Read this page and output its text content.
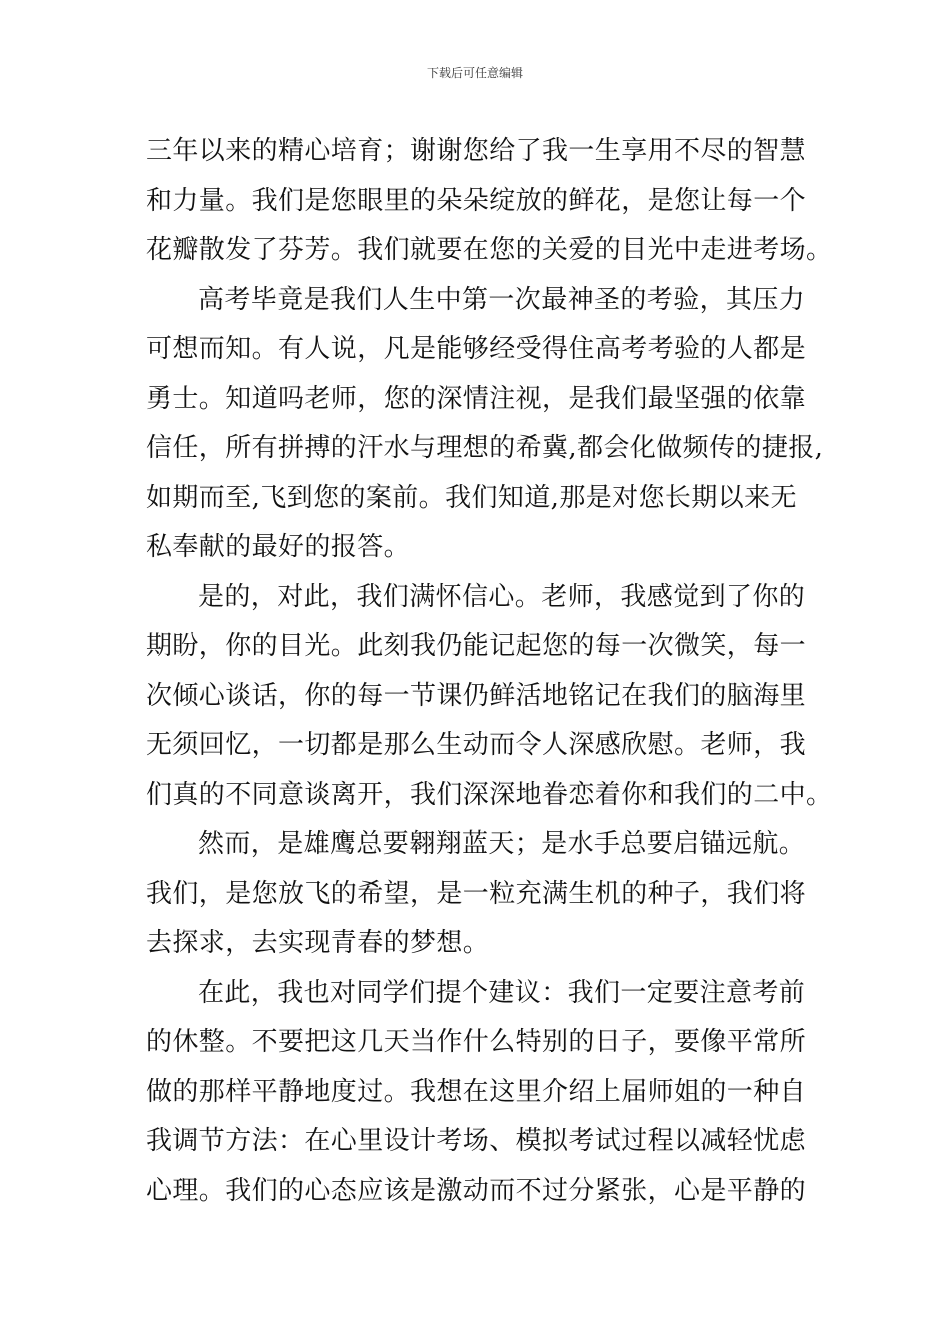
下载后可任意编辑
三年以来的精心培育；谢谢您给了我一生享用不尽的智慧
和力量。我们是您眼里的朵朵绽放的鲜花，是您让每一个
花瓣散发了芬芳。我们就要在您的关爱的目光中走进考场。
高考毕竟是我们人生中第一次最神圣的考验，其压力
可想而知。有人说，凡是能够经受得住高考考验的人都是
勇士。知道吗老师，您的深情注视，是我们最坚强的依靠
信任，所有拼搏的汗水与理想的希冀,都会化做频传的捷报,
如期而至,飞到您的案前。我们知道,那是对您长期以来无
私奉献的最好的报答。
是的，对此，我们满怀信心。老师，我感觉到了你的
期盼，你的目光。此刻我仍能记起您的每一次微笑，每一
次倾心谈话，你的每一节课仍鲜活地铭记在我们的脑海里
无须回忆，一切都是那么生动而令人深感欣慰。老师，我
们真的不同意谈离开，我们深深地眷恋着你和我们的二中。
然而，是雄鹰总要翱翔蓝天；是水手总要启锚远航。
我们，是您放飞的希望，是一粒充满生机的种子，我们将
去探求，去实现青春的梦想。
在此，我也对同学们提个建议：我们一定要注意考前
的休整。不要把这几天当作什么特别的日子，要像平常所
做的那样平静地度过。我想在这里介绍上届师姐的一种自
我调节方法：在心里设计考场、模拟考试过程以减轻忧虑
心理。我们的心态应该是激动而不过分紧张，心是平静的
